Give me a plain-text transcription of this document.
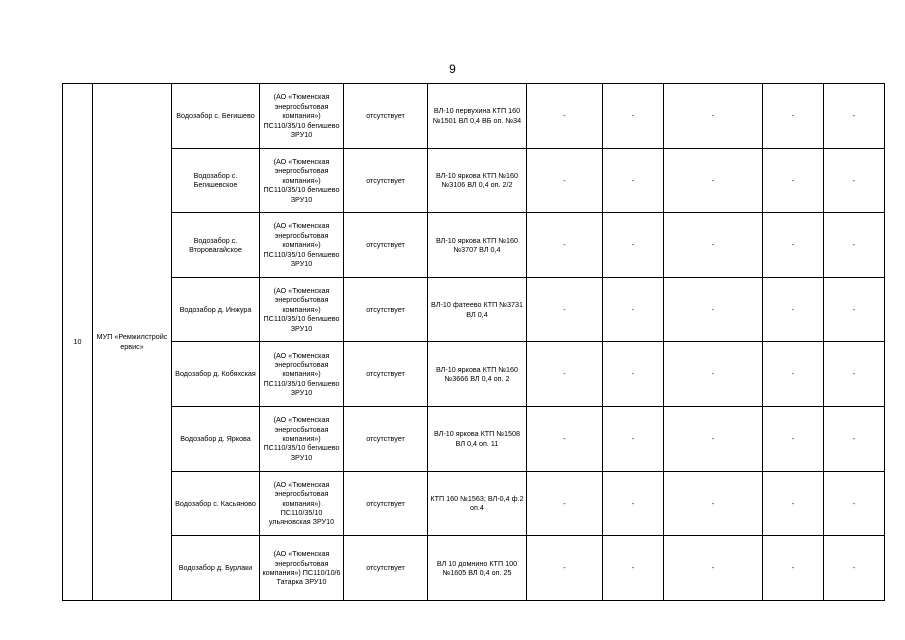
9
10	МУП «Ремжилстройс ервис»	Водозабор с. Бегишево	(АО «Тюменская энергосбытовая компания») ПС110/35/10 бегишево ЗРУ10	отсутствует	ВЛ-10 первухина КТП 160 №1501 ВЛ 0,4 ВБ оп. №34	-	-	-	-	-
		Водозабор с. Бегишевское	(АО «Тюменская энергосбытовая компания») ПС110/35/10 бегишево ЗРУ10	отсутствует	ВЛ-10 яркова КТП №160 №3106 ВЛ 0,4 оп. 2/2	-	-	-	-	-
		Водозабор с. Второвагайское	(АО «Тюменская энергосбытовая компания») ПС110/35/10 бегишево ЗРУ10	отсутствует	ВЛ-10 яркова КТП №160 №3707 ВЛ 0,4	-	-	-	-	-
		Водозабор д. Инжура	(АО «Тюменская энергосбытовая компания») ПС110/35/10 бегишево ЗРУ10	отсутствует	ВЛ-10 фатеево КТП №3731 ВЛ 0,4	-	-	-	-	-
		Водозабор д. Кобяхская	(АО «Тюменская энергосбытовая компания») ПС110/35/10 бегишево ЗРУ10	отсутствует	ВЛ-10 яркова КТП №160 №3666 ВЛ 0,4 оп. 2	-	-	-	-	-
		Водозабор д. Яркова	(АО «Тюменская энергосбытовая компания») ПС110/35/10 бегишево ЗРУ10	отсутствует	ВЛ-10 яркова КТП №1508 ВЛ 0,4 оп. 11	-	-	-	-	-
		Водозабор с. Касьяново	(АО «Тюменская энергосбытовая компания») ПС110/35/10 ульяновская ЗРУ10	отсутствует	КТП 160 №1563; ВЛ-0,4 ф.2 оп.4	-	-	-	-	-
		Водозабор д. Бурлаки	(АО «Тюменская энергосбытовая компания») ПС110/10/6 Татарка ЗРУ10	отсутствует	ВЛ 10 домнино КТП 100 №1605 ВЛ 0,4 оп. 25	-	-	-	-	-
